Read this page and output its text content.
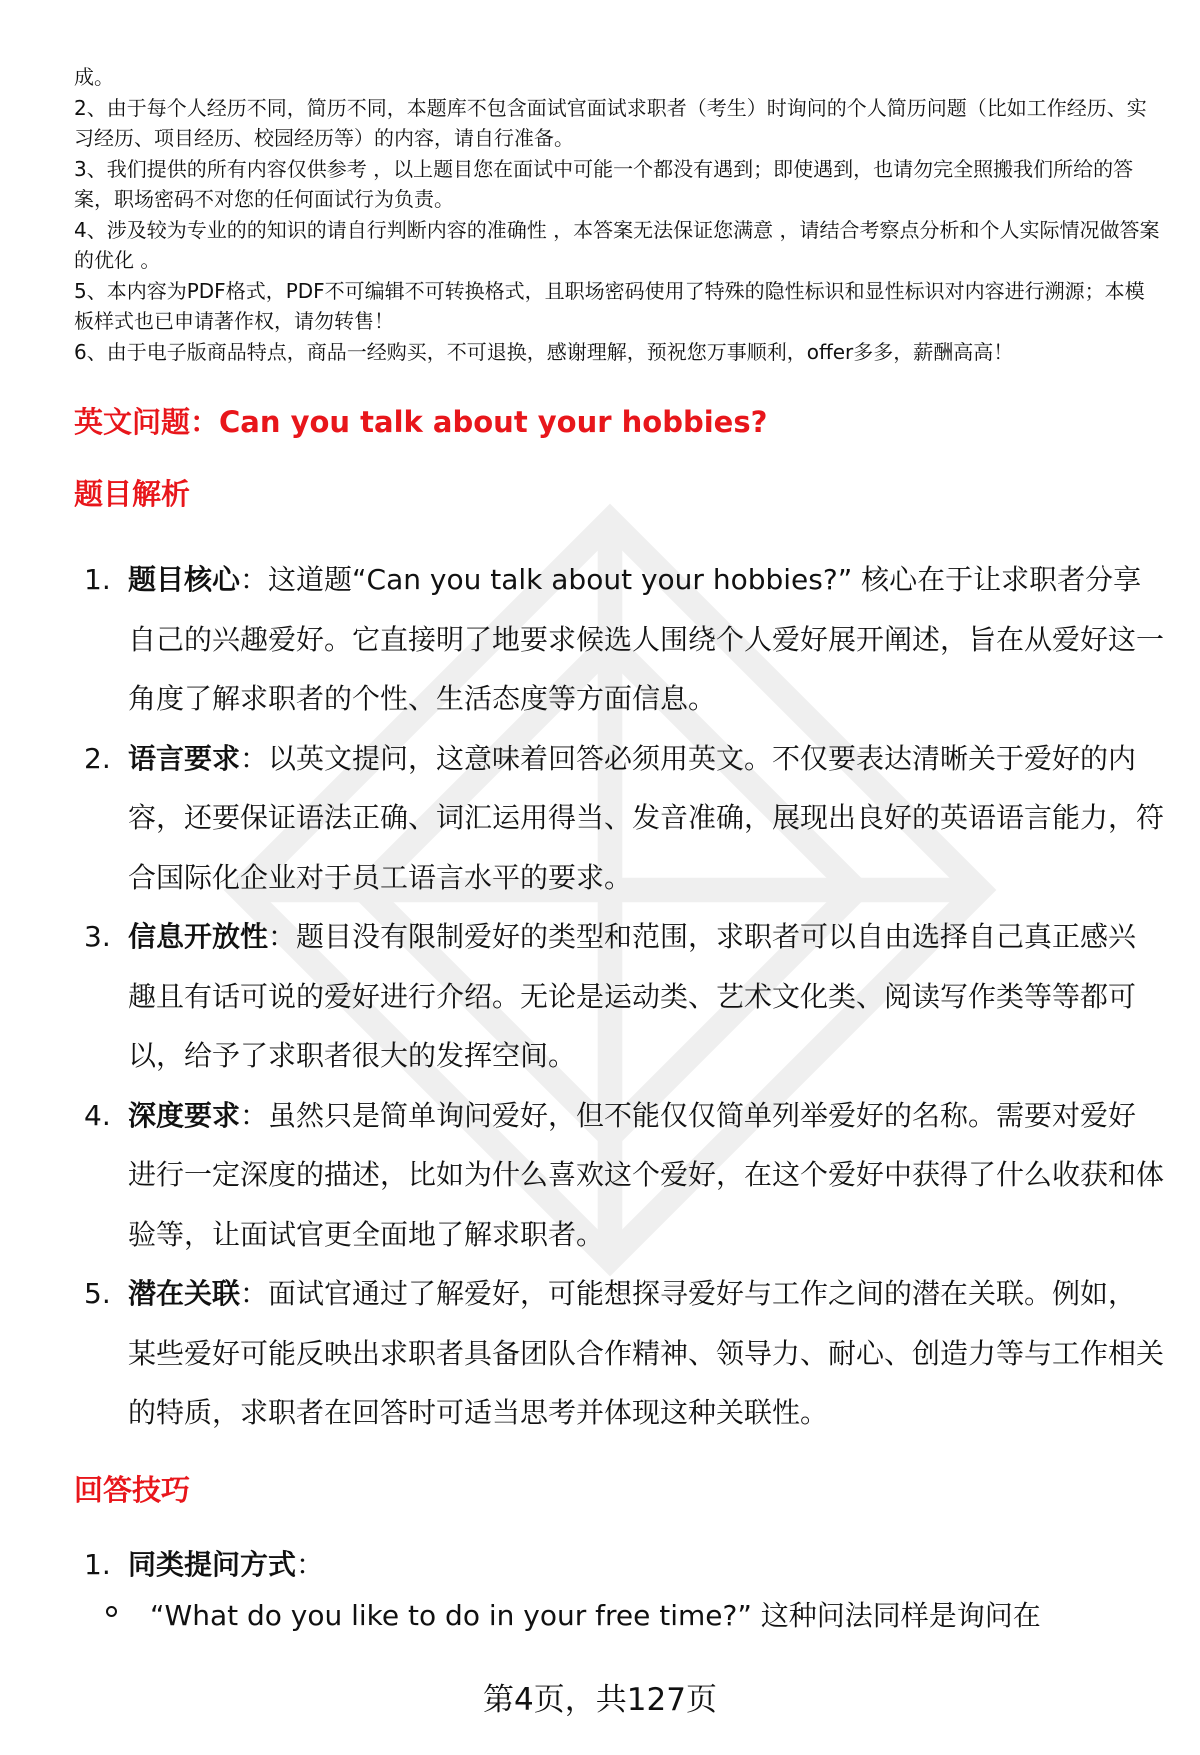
成。

2、由于每个人经历不同，简历不同，本题库不包含面试官面试求职者（考生）时询问的个人简历问题（比如工作经历、实习经历、项目经历、校园经历等）的内容，请自行准备。

3、我们提供的所有内容仅供参考 ，以上题目您在面试中可能一个都没有遇到；即使遇到，也请勿完全照搬我们所给的答案，职场密码不对您的任何面试行为负责。

4、涉及较为专业的的知识的请自行判断内容的准确性 ，本答案无法保证您满意 ，请结合考察点分析和个人实际情况做答案的优化 。

5、本内容为PDF格式，PDF不可编辑不可转换格式，且职场密码使用了特殊的隐性标识和显性标识对内容进行溯源；本模板样式也已申请著作权，请勿转售！

6、由于电子版商品特点，商品一经购买，不可退换，感谢理解，预祝您万事顺利，offer多多，薪酬高高！

英文问题：Can you talk about your hobbies?
题目解析
1. 题目核心：这道题“Can you talk about your hobbies?” 核心在于让求职者分享自己的兴趣爱好。它直接明了地要求候选人围绕个人爱好展开阐述，旨在从爱好这一角度了解求职者的个性、生活态度等方面信息。
2. 语言要求：以英文提问，这意味着回答必须用英文。不仅要表达清晰关于爱好的内容，还要保证语法正确、词汇运用得当、发音准确，展现出良好的英语语言能力，符合国际化企业对于员工语言水平的要求。
3. 信息开放性：题目没有限制爱好的类型和范围，求职者可以自由选择自己真正感兴趣且有话可说的爱好进行介绍。无论是运动类、艺术文化类、阅读写作类等等都可以，给予了求职者很大的发挥空间。
4. 深度要求：虽然只是简单询问爱好，但不能仅仅简单列举爱好的名称。需要对爱好进行一定深度的描述，比如为什么喜欢这个爱好，在这个爱好中获得了什么收获和体验等，让面试官更全面地了解求职者。
5. 潜在关联：面试官通过了解爱好，可能想探寻爱好与工作之间的潜在关联。例如，某些爱好可能反映出求职者具备团队合作精神、领导力、耐心、创造力等与工作相关的特质，求职者在回答时可适当思考并体现这种关联性。
回答技巧
1. 同类提问方式：
“What do you like to do in your free time?” 这种问法同样是询问在
第4页，共127页
